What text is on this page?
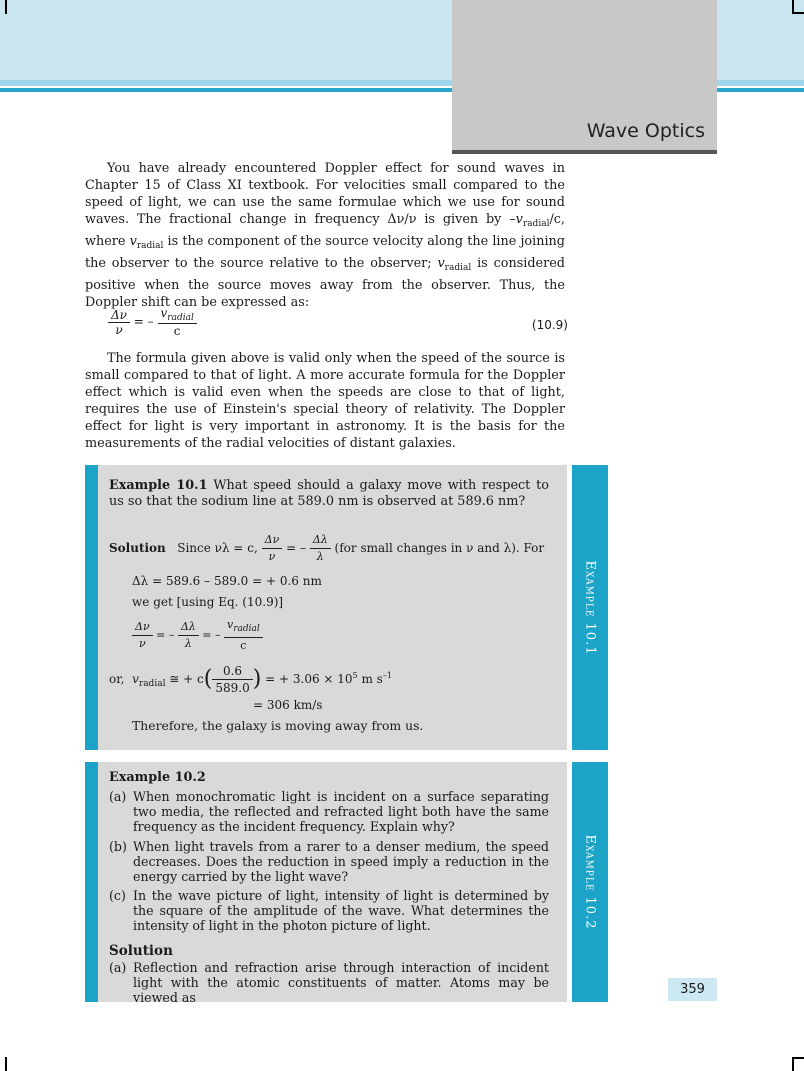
Wave Optics

You have already encountered Doppler effect for sound waves in Chapter 15 of Class XI textbook. For velocities small compared to the speed of light, we can use the same formulae which we use for sound waves. The fractional change in frequency Δν/ν is given by $-v_{radial}/c$, where $v_{radial}$ is the component of the source velocity along the line joining the observer to the source relative to the observer; $v_{radial}$ is considered positive when the source moves away from the observer. Thus, the Doppler shift can be expressed as:

$\frac{\Delta\nu}{\nu}$ = – $\frac{v_{radial}}{c}$	(10.9)

The formula given above is valid only when the speed of the source is small compared to that of light. A more accurate formula for the Doppler effect which is valid even when the speeds are close to that of light, requires the use of Einstein's special theory of relativity. The Doppler effect for light is very important in astronomy. It is the basis for the measurements of the radial velocities of distant galaxies.

Example 10.1
Example 10.1 What speed should a galaxy move with respect to us so that the sodium line at 589.0 nm is observed at 589.6 nm?
Solution Since νλ = c, $\frac{\Delta\nu}{\nu}$ = – $\frac{\Delta\lambda}{\lambda} (for$ small changes in ν and λ). For
Δλ = 589.6 – 589.0 = + 0.6 nm
we get [using Eq. (10.9)]
$\frac{\Delta\nu}{\nu}$ = – $\frac{\Delta\lambda}{\lambda}$ = – $\frac{v_{radial}}{c}$
or, $v_{radial}$ ≅ + $c( \frac{0.6}{589.0}$ ) = + $3.06 \times 10^5$ m $s^{-1}$
= 306 km/s
Therefore, the galaxy is moving away from us.
Example 10.2
Example 10.2
(a) When monochromatic light is incident on a surface separating two media, the reflected and refracted light both have the same frequency as the incident frequency. Explain why?
(b) When light travels from a rarer to a denser medium, the speed decreases. Does the reduction in speed imply a reduction in the energy carried by the light wave?
(c) In the wave picture of light, intensity of light is determined by the square of the amplitude of the wave. What determines the intensity of light in the photon picture of light.
Solution
(a) Reflection and refraction arise through interaction of incident light with the atomic constituents of matter. Atoms may be viewed as
359
